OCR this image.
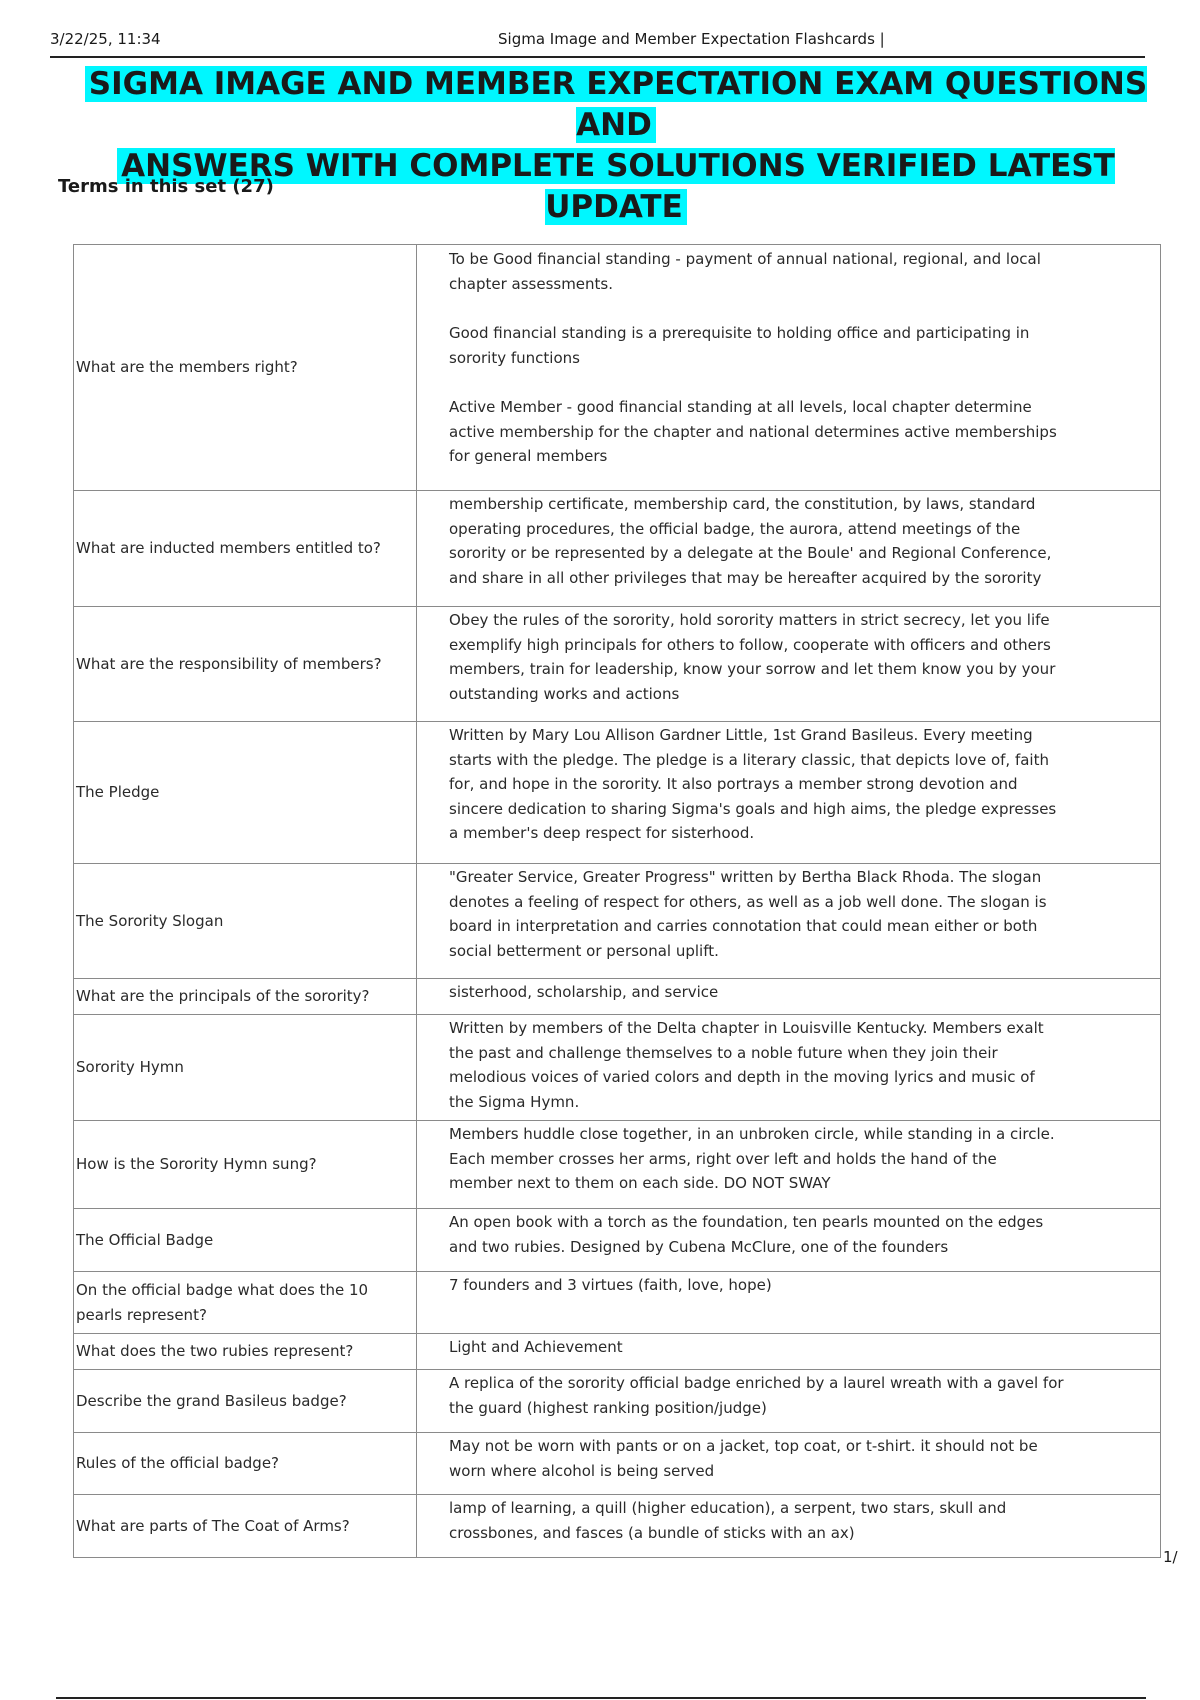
3/22/25, 11:34	Sigma Image and Member Expectation Flashcards |
SIGMA IMAGE AND MEMBER EXPECTATION EXAM QUESTIONS AND
ANSWERS WITH COMPLETE SOLUTIONS VERIFIED LATEST UPDATE
Terms in this set (27)
What are the members right?	To be Good financial standing - payment of annual national, regional, and local chapter assessments.
Good financial standing is a prerequisite to holding office and participating in sorority functions
Active Member - good financial standing at all levels, local chapter determine active membership for the chapter and national determines active memberships for general members

What are inducted members entitled to?	membership certificate, membership card, the constitution, by laws, standard operating procedures, the official badge, the aurora, attend meetings of the sorority or be represented by a delegate at the Boule' and Regional Conference, and share in all other privileges that may be hereafter acquired by the sorority

What are the responsibility of members?	Obey the rules of the sorority, hold sorority matters in strict secrecy, let you life exemplify high principals for others to follow, cooperate with officers and others members, train for leadership, know your sorrow and let them know you by your outstanding works and actions

The Pledge	Written by Mary Lou Allison Gardner Little, 1st Grand Basileus. Every meeting starts with the pledge. The pledge is a literary classic, that depicts love of, faith for, and hope in the sorority. It also portrays a member strong devotion and sincere dedication to sharing Sigma's goals and high aims, the pledge expresses a member's deep respect for sisterhood.

The Sorority Slogan	"Greater Service, Greater Progress" written by Bertha Black Rhoda. The slogan denotes a feeling of respect for others, as well as a job well done. The slogan is board in interpretation and carries connotation that could mean either or both social betterment or personal uplift.

What are the principals of the sorority?	sisterhood, scholarship, and service

Sorority Hymn	Written by members of the Delta chapter in Louisville Kentucky. Members exalt the past and challenge themselves to a noble future when they join their melodious voices of varied colors and depth in the moving lyrics and music of the Sigma Hymn.

How is the Sorority Hymn sung?	Members huddle close together, in an unbroken circle, while standing in a circle. Each member crosses her arms, right over left and holds the hand of the member next to them on each side. DO NOT SWAY

The Official Badge	An open book with a torch as the foundation, ten pearls mounted on the edges and two rubies. Designed by Cubena McClure, one of the founders

On the official badge what does the 10 pearls represent?	7 founders and 3 virtues (faith, love, hope)

What does the two rubies represent?	Light and Achievement

Describe the grand Basileus badge?	A replica of the sorority official badge enriched by a laurel wreath with a gavel for the guard (highest ranking position/judge)

Rules of the official badge?	May not be worn with pants or on a jacket, top coat, or t-shirt. it should not be worn where alcohol is being served

What are parts of The Coat of Arms?	lamp of learning, a quill (higher education), a serpent, two stars, skull and crossbones, and fasces (a bundle of sticks with an ax)
1/
